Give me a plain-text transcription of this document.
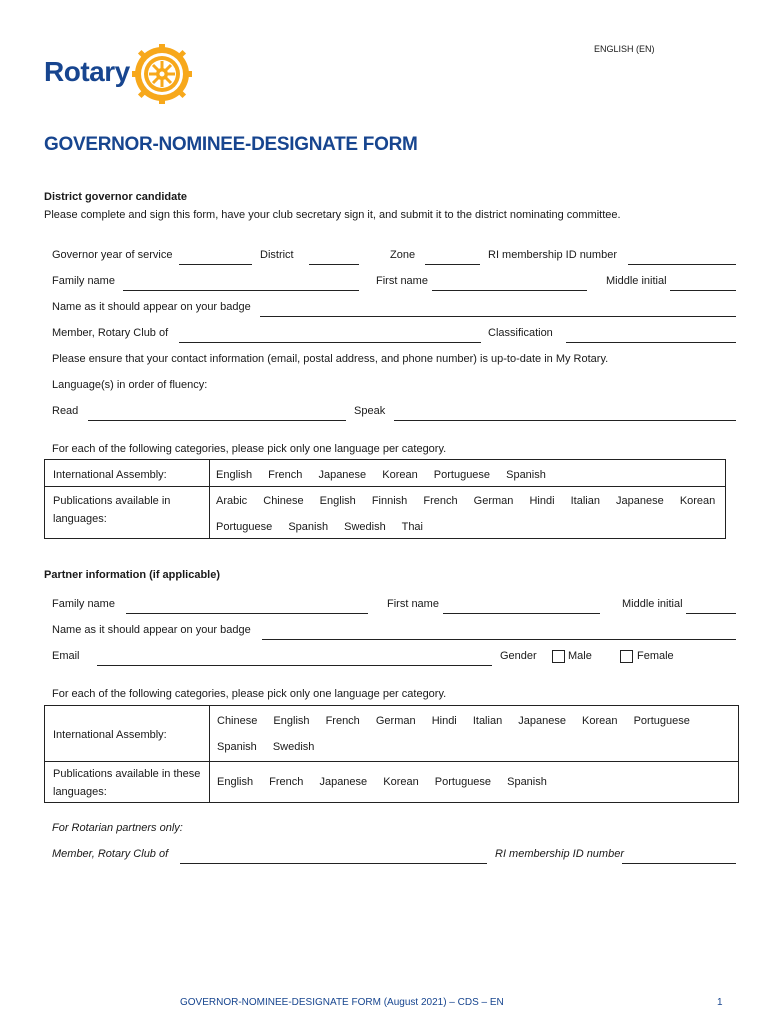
ENGLISH (EN)
Rotary
GOVERNOR-NOMINEE-DESIGNATE FORM
District governor candidate
Please complete and sign this form, have your club secretary sign it, and submit it to the district nominating committee.
Governor year of service	District	Zone	RI membership ID number
Family name	First name	Middle initial
Name as it should appear on your badge
Member, Rotary Club of	Classification
Please ensure that your contact information (email, postal address, and phone number) is up-to-date in My Rotary.
Language(s) in order of fluency:
Read	Speak
For each of the following categories, please pick only one language per category.
International Assembly:	English French Japanese Korean Portuguese Spanish
Publications available in
languages:
Arabic Chinese English Finnish French German Hindi Italian Japanese Korean
Portuguese Spanish Swedish Thai
Partner information (if applicable)
Family name	First name	Middle initial
Name as it should appear on your badge
Email	Gender	Male	Female
For each of the following categories, please pick only one language per category.
International Assembly:
Chinese English French German Hindi Italian Japanese Korean Portuguese
Spanish Swedish
Publications available in these
languages:
English French Japanese Korean Portuguese Spanish
For Rotarian partners only:
Member, Rotary Club of	RI membership ID number
GOVERNOR-NOMINEE-DESIGNATE FORM (August 2021) – CDS – EN	1
